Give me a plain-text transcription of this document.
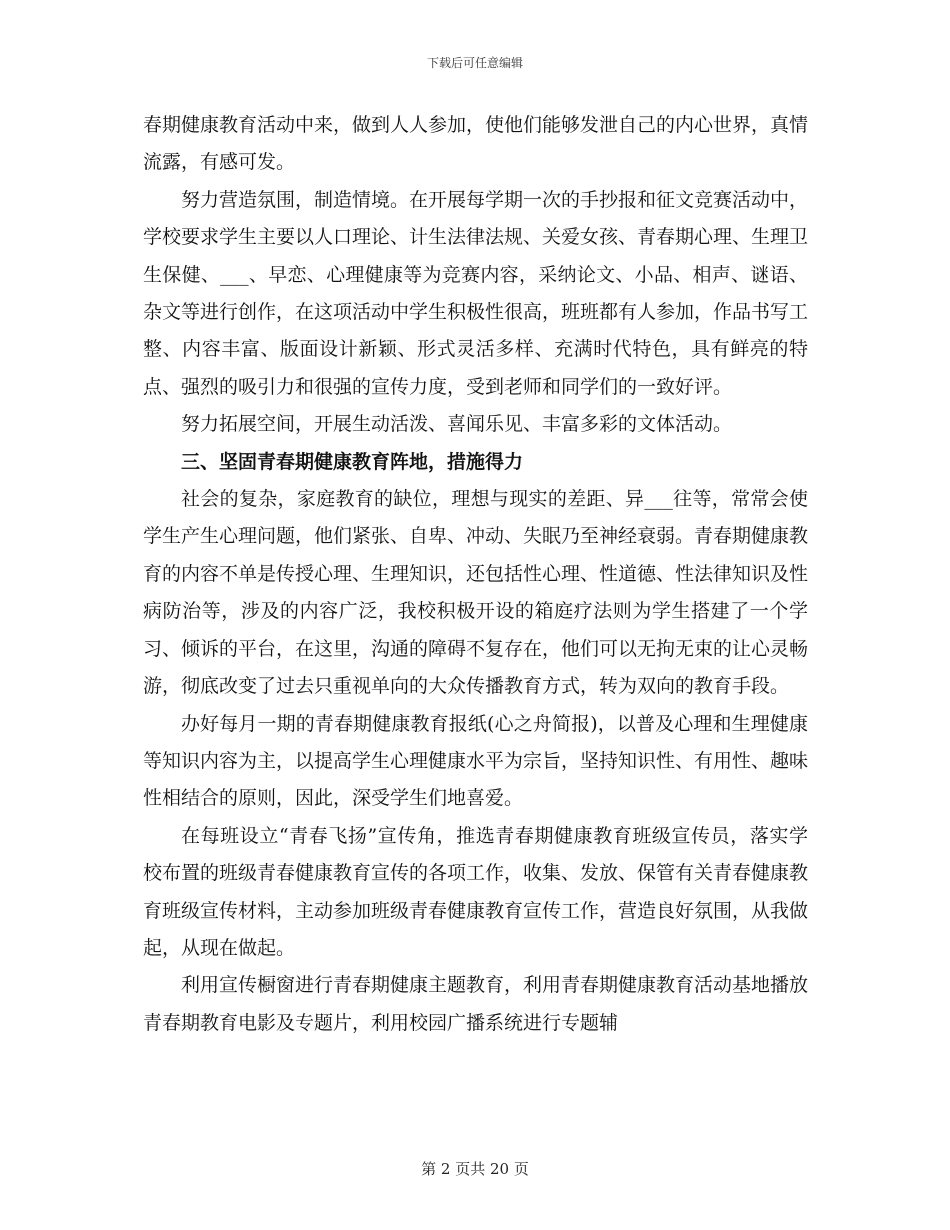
下载后可任意编辑

春期健康教育活动中来，做到人人参加，使他们能够发泄自己的内心世界，真情流露，有感可发。

努力营造氛围，制造情境。在开展每学期一次的手抄报和征文竞赛活动中，学校要求学生主要以人口理论、计生法律法规、关爱女孩、青春期心理、生理卫生保健、___、早恋、心理健康等为竞赛内容，采纳论文、小品、相声、谜语、杂文等进行创作，在这项活动中学生积极性很高，班班都有人参加，作品书写工整、内容丰富、版面设计新颖、形式灵活多样、充满时代特色，具有鲜亮的特点、强烈的吸引力和很强的宣传力度，受到老师和同学们的一致好评。

努力拓展空间，开展生动活泼、喜闻乐见、丰富多彩的文体活动。

三、坚固青春期健康教育阵地，措施得力

社会的复杂，家庭教育的缺位，理想与现实的差距、异___往等，常常会使学生产生心理问题，他们紧张、自卑、冲动、失眠乃至神经衰弱。青春期健康教育的内容不单是传授心理、生理知识，还包括性心理、性道德、性法律知识及性病防治等，涉及的内容广泛，我校积极开设的箱庭疗法则为学生搭建了一个学习、倾诉的平台，在这里，沟通的障碍不复存在，他们可以无拘无束的让心灵畅游，彻底改变了过去只重视单向的大众传播教育方式，转为双向的教育手段。

办好每月一期的青春期健康教育报纸(心之舟简报)，以普及心理和生理健康等知识内容为主，以提高学生心理健康水平为宗旨，坚持知识性、有用性、趣味性相结合的原则，因此，深受学生们地喜爱。

在每班设立“青春飞扬”宣传角，推选青春期健康教育班级宣传员，落实学校布置的班级青春健康教育宣传的各项工作，收集、发放、保管有关青春健康教育班级宣传材料，主动参加班级青春健康教育宣传工作，营造良好氛围，从我做起，从现在做起。

利用宣传橱窗进行青春期健康主题教育，利用青春期健康教育活动基地播放青春期教育电影及专题片，利用校园广播系统进行专题辅

第 2 页共 20 页
